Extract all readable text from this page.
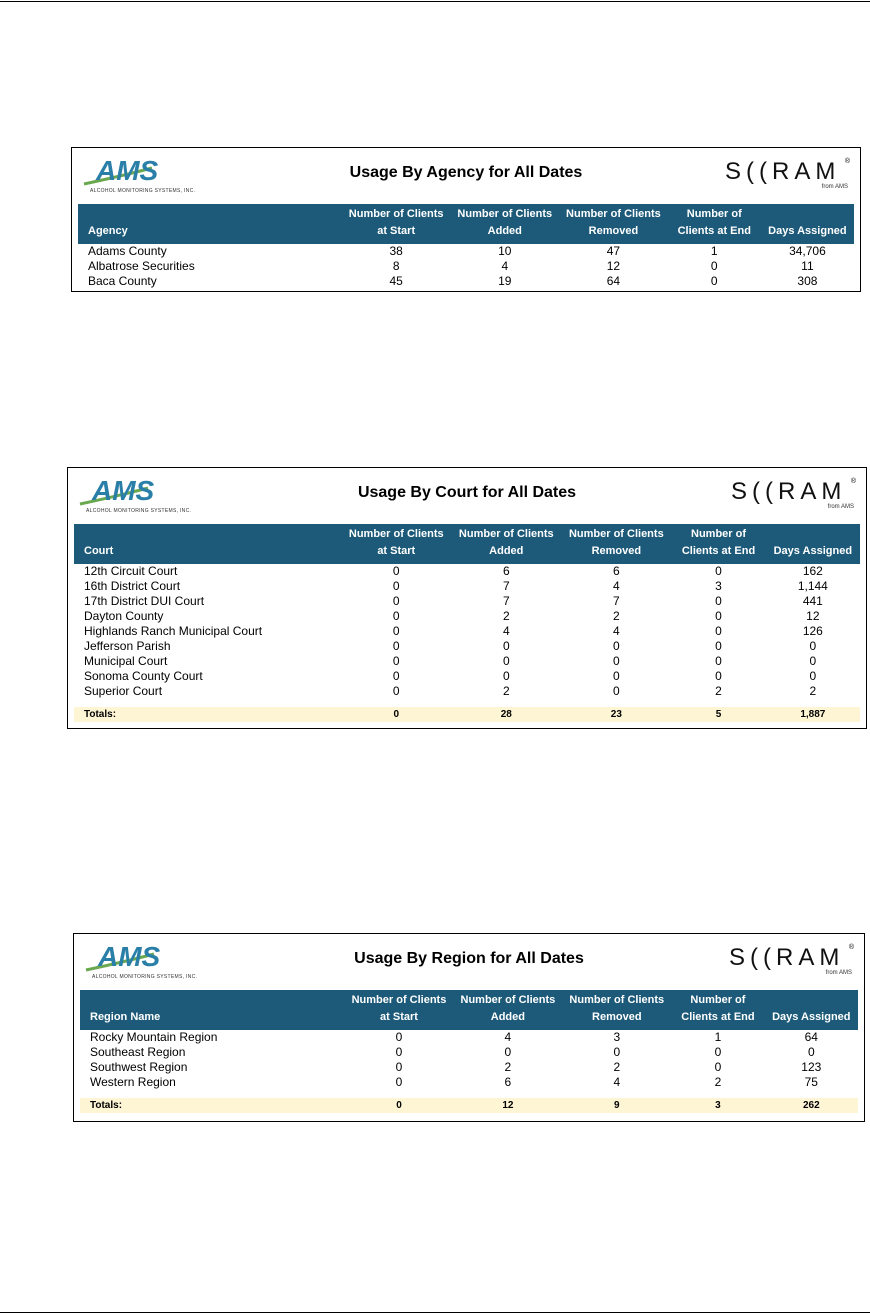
AMS
ALCOHOL MONITORING SYSTEMS, INC.
Usage By Agency for All Dates	S((RAM ®
from AMS
Agency	Number of Clients at Start	Number of Clients Added	Number of Clients Removed	Number of Clients at End	Days Assigned
Adams County	38	10	47	1	34,706
Albatrose Securities	8	4	12	0	11
Baca County	45	19	64	0	308
AMS
ALCOHOL MONITORING SYSTEMS, INC.
Usage By Court for All Dates	S((RAM ®
from AMS
Court	Number of Clients at Start	Number of Clients Added	Number of Clients Removed	Number of Clients at End	Days Assigned
12th Circuit Court	0	6	6	0	162
16th District Court	0	7	4	3	1,144
17th District DUI Court	0	7	7	0	441
Dayton County	0	2	2	0	12
Highlands Ranch Municipal Court	0	4	4	0	126
Jefferson Parish	0	0	0	0	0
Municipal Court	0	0	0	0	0
Sonoma County Court	0	0	0	0	0
Superior Court	0	2	0	2	2

Totals:	0	28	23	5	1,887
AMS
ALCOHOL MONITORING SYSTEMS, INC.
Usage By Region for All Dates	S((RAM ®
from AMS
Region Name	Number of Clients at Start	Number of Clients Added	Number of Clients Removed	Number of Clients at End	Days Assigned
Rocky Mountain Region	0	4	3	1	64
Southeast Region	0	0	0	0	0
Southwest Region	0	2	2	0	123
Western Region	0	6	4	2	75

Totals:	0	12	9	3	262
